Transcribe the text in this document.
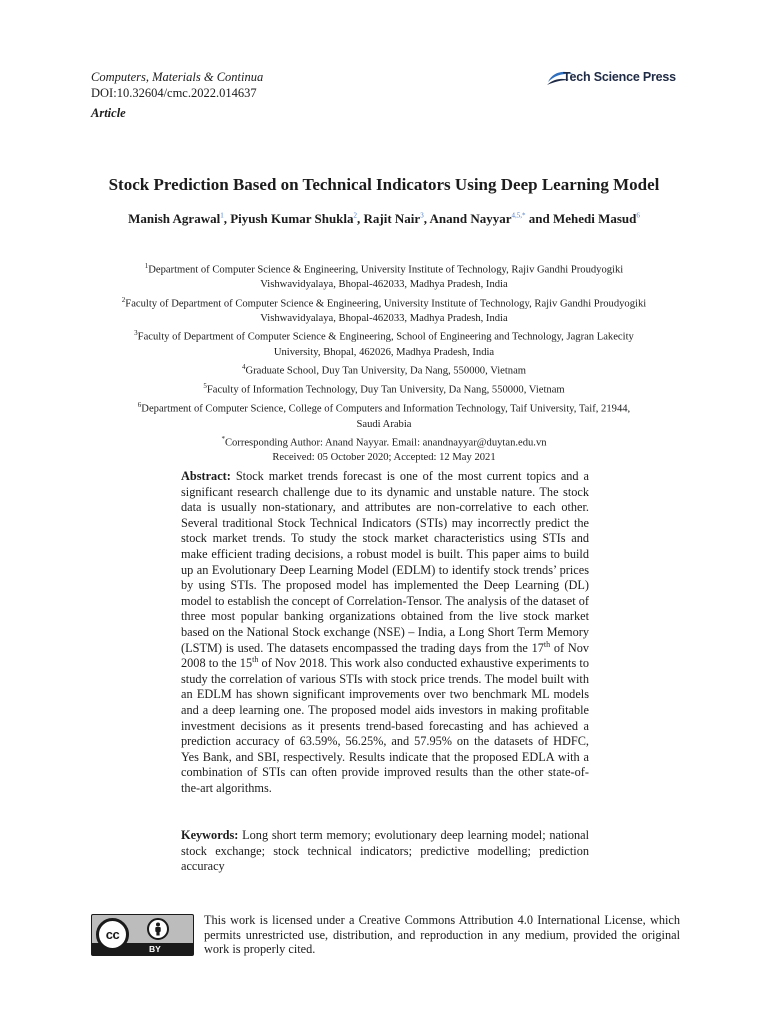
Computers, Materials & Continua
DOI:10.32604/cmc.2022.014637
Article
Tech Science Press
Stock Prediction Based on Technical Indicators Using Deep Learning Model
Manish Agrawal$^1$, Piyush Kumar Shukla$^2$, Rajit Nair$^3$, Anand Nayyar$^{4,5,*}$ and Mehedi Masud$^6$
$^1$Department of Computer Science & Engineering, University Institute of Technology, Rajiv Gandhi Proudyogiki
Vishwavidyalaya, Bhopal-462033, Madhya Pradesh, India
$^2$Faculty of Department of Computer Science & Engineering, University Institute of Technology, Rajiv Gandhi Proudyogiki
Vishwavidyalaya, Bhopal-462033, Madhya Pradesh, India
$^3$Faculty of Department of Computer Science & Engineering, School of Engineering and Technology, Jagran Lakecity
University, Bhopal, 462026, Madhya Pradesh, India
$^4$Graduate School, Duy Tan University, Da Nang, 550000, Vietnam
$^5$Faculty of Information Technology, Duy Tan University, Da Nang, 550000, Vietnam
$^6$Department of Computer Science, College of Computers and Information Technology, Taif University, Taif, 21944,
Saudi Arabia
*Corresponding Author: Anand Nayyar. Email: anandnayyar@duytan.edu.vn
Received: 05 October 2020; Accepted: 12 May 2021
Abstract: Stock market trends forecast is one of the most current topics and a significant research challenge due to its dynamic and unstable nature. The stock data is usually non-stationary, and attributes are non-correlative to each other. Several traditional Stock Technical Indicators (STIs) may incorrectly predict the stock market trends. To study the stock market characteristics using STIs and make efficient trading decisions, a robust model is built. This paper aims to build up an Evolutionary Deep Learning Model (EDLM) to identify stock trends’ prices by using STIs. The proposed model has implemented the Deep Learning (DL) model to establish the concept of Correlation-Tensor. The analysis of the dataset of three most popular banking organizations obtained from the live stock market based on the National Stock exchange (NSE) – India, a Long Short Term Memory (LSTM) is used. The datasets encompassed the trading days from the 17th of Nov 2008 to the 15th of Nov 2018. This work also conducted exhaustive experiments to study the correlation of various STIs with stock price trends. The model built with an EDLM has shown significant improvements over two benchmark ML models and a deep learning one. The proposed model aids investors in making profitable investment decisions as it presents trend-based forecasting and has achieved a prediction accuracy of 63.59%, 56.25%, and 57.95% on the datasets of HDFC, Yes Bank, and SBI, respectively. Results indicate that the proposed EDLA with a combination of STIs can often provide improved results than the other state-of-the-art algorithms.
Keywords: Long short term memory; evolutionary deep learning model; national stock exchange; stock technical indicators; predictive modelling; prediction accuracy
cc
BY
This work is licensed under a Creative Commons Attribution 4.0 International License, which permits unrestricted use, distribution, and reproduction in any medium, provided the original work is properly cited.
